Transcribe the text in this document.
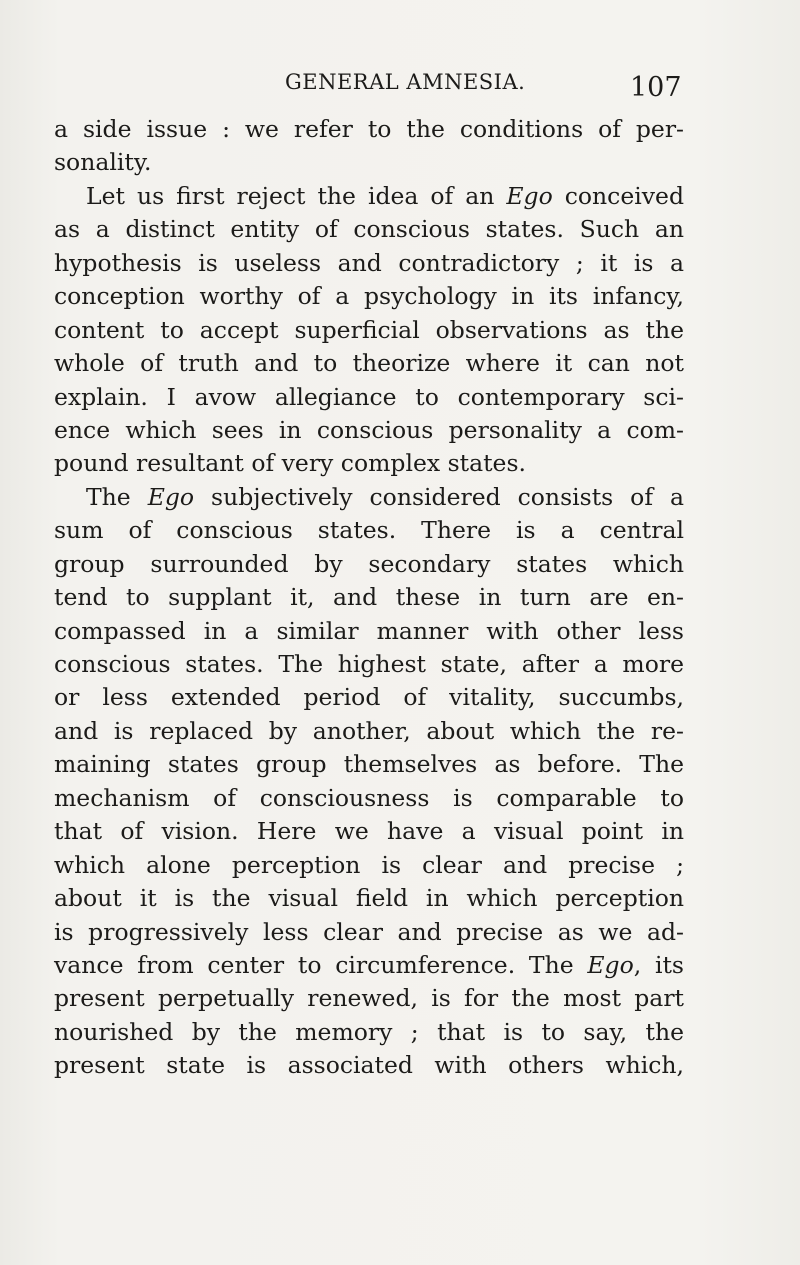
GENERAL AMNESIA.	107
a side issue : we refer to the conditions of per-
sonality.
Let us first reject the idea of an Ego conceived
as a distinct entity of conscious states. Such an
hypothesis is useless and contradictory ; it is a
conception worthy of a psychology in its infancy,
content to accept superficial observations as the
whole of truth and to theorize where it can not
explain. I avow allegiance to contemporary sci-
ence which sees in conscious personality a com-
pound resultant of very complex states.
The Ego subjectively considered consists of a
sum of conscious states. There is a central
group surrounded by secondary states which
tend to supplant it, and these in turn are en-
compassed in a similar manner with other less
conscious states. The highest state, after a more
or less extended period of vitality, succumbs,
and is replaced by another, about which the re-
maining states group themselves as before. The
mechanism of consciousness is comparable to
that of vision. Here we have a visual point in
which alone perception is clear and precise ;
about it is the visual field in which perception
is progressively less clear and precise as we ad-
vance from center to circumference. The Ego, its
present perpetually renewed, is for the most part
nourished by the memory ; that is to say, the
present state is associated with others which,
